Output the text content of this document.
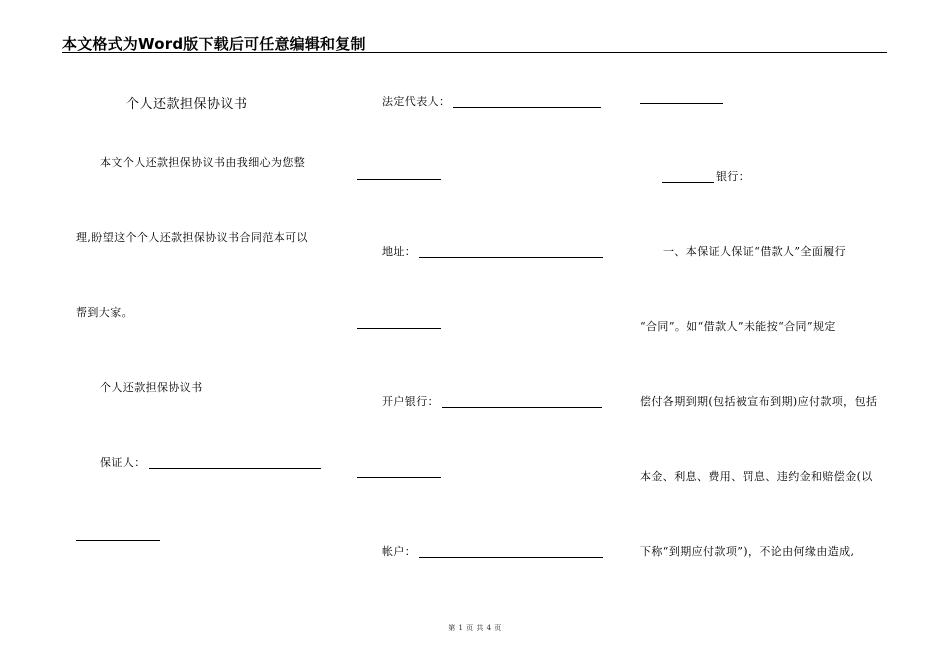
本文格式为Word版下载后可任意编辑和复制
个人还款担保协议书
本文个人还款担保协议书由我细心为您整
理,盼望这个个人还款担保协议书合同范本可以
帮到大家。
个人还款担保协议书
保证人：
法定代表人：
地址：
开户银行：
帐户：
银行：
一、本保证人保证“借款人”全面履行
“合同”。如“借款人”未能按“合同”规定
偿付各期到期(包括被宣布到期)应付款项，包括
本金、利息、费用、罚息、违约金和赔偿金(以
下称“到期应付款项”)，不论由何缘由造成,
第 1 页 共 4 页
